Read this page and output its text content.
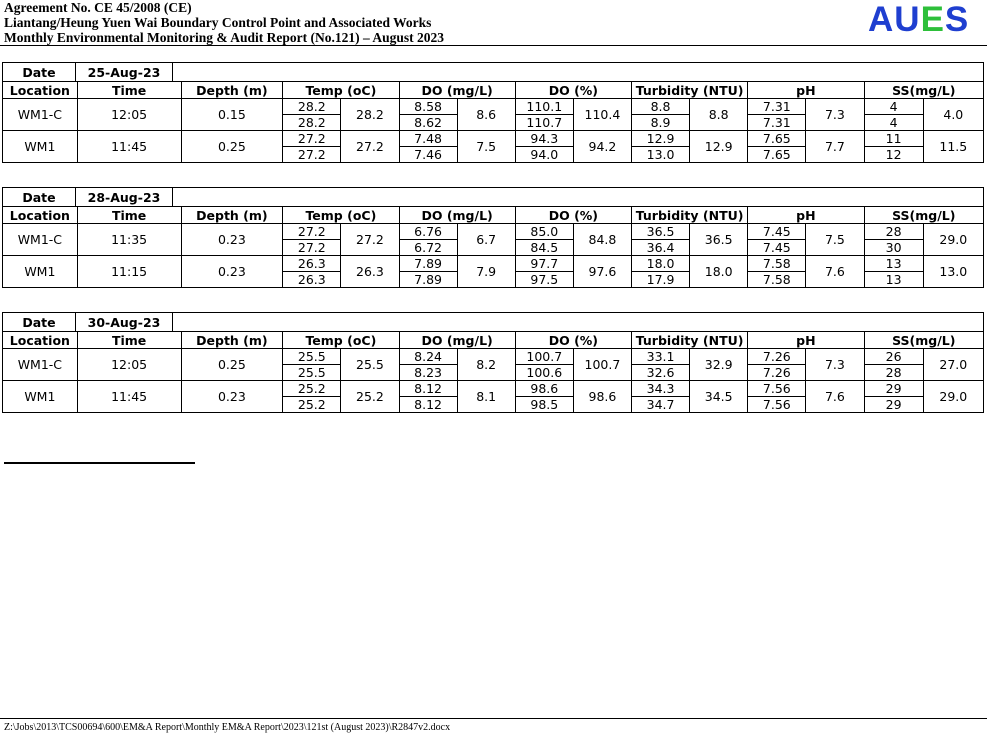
Agreement No. CE 45/2008 (CE)
Liantang/Heung Yuen Wai Boundary Control Point and Associated Works
Monthly Environmental Monitoring & Audit Report (No.121) – August 2023	AUES
Date	25-Aug-23	
Location	Time	Depth (m)	Temp (oC)		DO (mg/L)		DO (%)		Turbidity (NTU)		pH		SS(mg/L)	
WM1-C	12:05	0.15	28.2	28.2	8.58	8.6	110.1	110.4	8.8	8.8	7.31	7.3	4	4.0
			28.2		8.62		110.7		8.9		7.31		4	
WM1	11:45	0.25	27.2	27.2	7.48	7.5	94.3	94.2	12.9	12.9	7.65	7.7	11	11.5
			27.2		7.46		94.0		13.0		7.65		12	
Date	28-Aug-23	
Location	Time	Depth (m)	Temp (oC)		DO (mg/L)		DO (%)		Turbidity (NTU)		pH		SS(mg/L)	
WM1-C	11:35	0.23	27.2	27.2	6.76	6.7	85.0	84.8	36.5	36.5	7.45	7.5	28	29.0
			27.2		6.72		84.5		36.4		7.45		30	
WM1	11:15	0.23	26.3	26.3	7.89	7.9	97.7	97.6	18.0	18.0	7.58	7.6	13	13.0
			26.3		7.89		97.5		17.9		7.58		13	
Date	30-Aug-23	
Location	Time	Depth (m)	Temp (oC)		DO (mg/L)		DO (%)		Turbidity (NTU)		pH		SS(mg/L)	
WM1-C	12:05	0.25	25.5	25.5	8.24	8.2	100.7	100.7	33.1	32.9	7.26	7.3	26	27.0
			25.5		8.23		100.6		32.6		7.26		28	
WM1	11:45	0.23	25.2	25.2	8.12	8.1	98.6	98.6	34.3	34.5	7.56	7.6	29	29.0
			25.2		8.12		98.5		34.7		7.56		29	
Z:\Jobs\2013\TCS00694\600\EM&A Report\Monthly EM&A Report\2023\121st (August 2023)\R2847v2.docx
